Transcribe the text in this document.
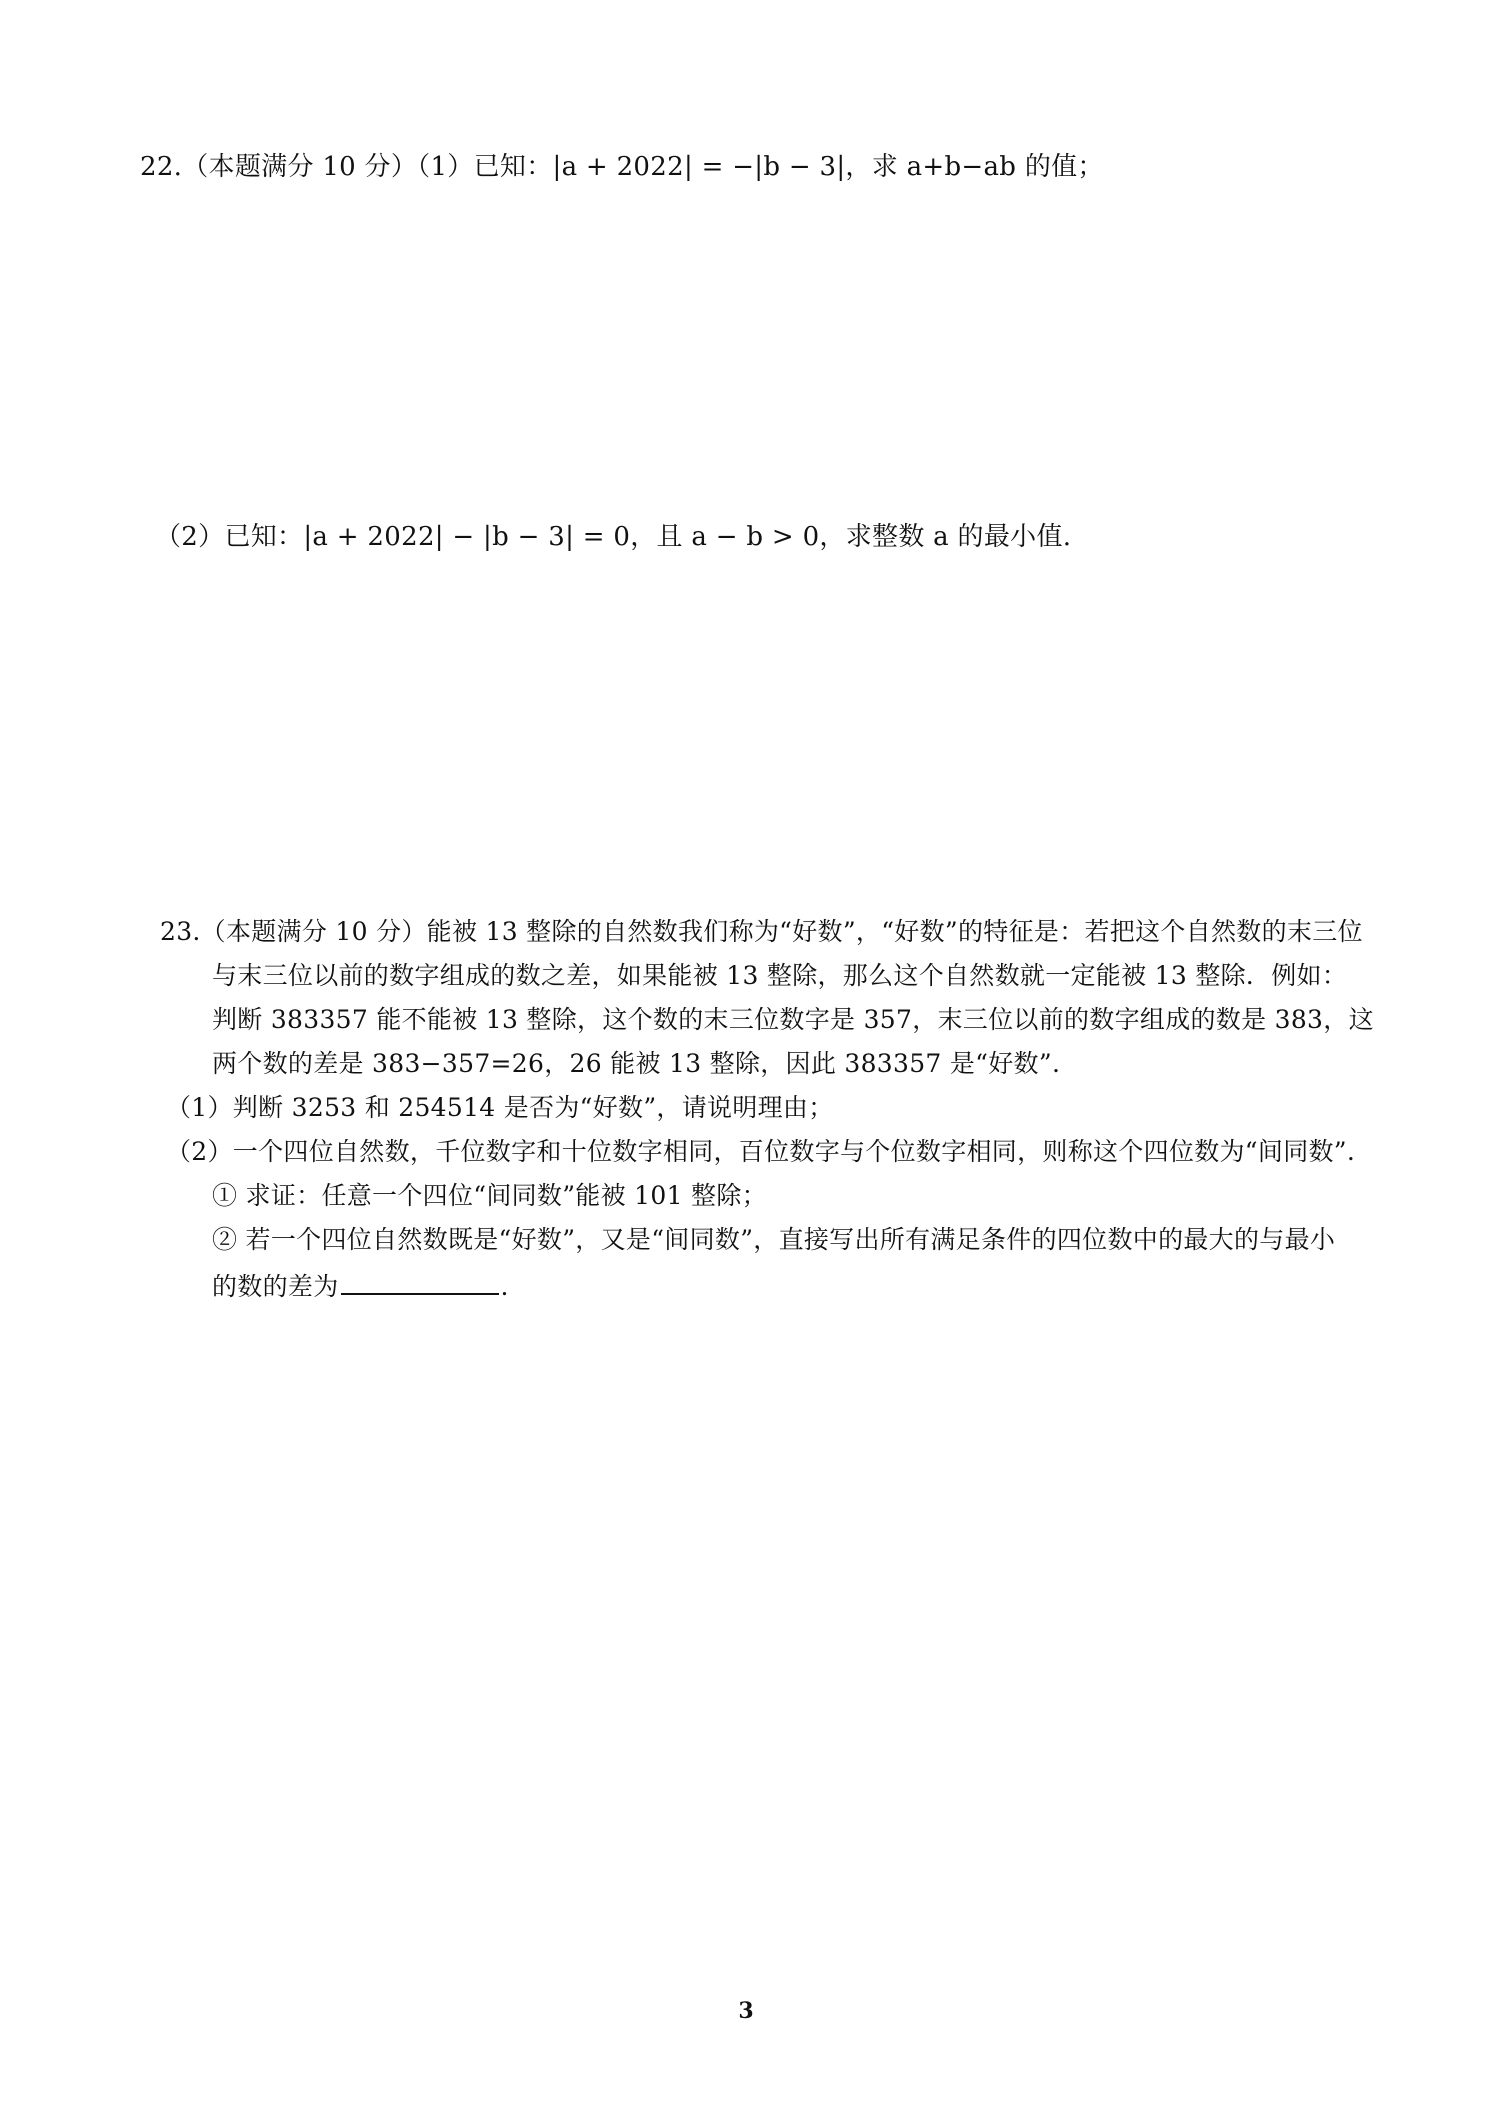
22.（本题满分 10 分）（1）已知：|a + 2022| = −|b − 3|，求 a+b−ab 的值；
（2）已知：|a + 2022| − |b − 3| = 0，且 a − b > 0，求整数 a 的最小值.
23.（本题满分 10 分）能被 13 整除的自然数我们称为“好数”，“好数”的特征是：若把这个自然数的末三位
与末三位以前的数字组成的数之差，如果能被 13 整除，那么这个自然数就一定能被 13 整除．例如：
判断 383357 能不能被 13 整除，这个数的末三位数字是 357，末三位以前的数字组成的数是 383，这
两个数的差是 383−357=26，26 能被 13 整除，因此 383357 是“好数”.
（1）判断 3253 和 254514 是否为“好数”，请说明理由；
（2）一个四位自然数，千位数字和十位数字相同，百位数字与个位数字相同，则称这个四位数为“间同数”.
① 求证：任意一个四位“间同数”能被 101 整除；
② 若一个四位自然数既是“好数”，又是“间同数”，直接写出所有满足条件的四位数中的最大的与最小
的数的差为	.
3
